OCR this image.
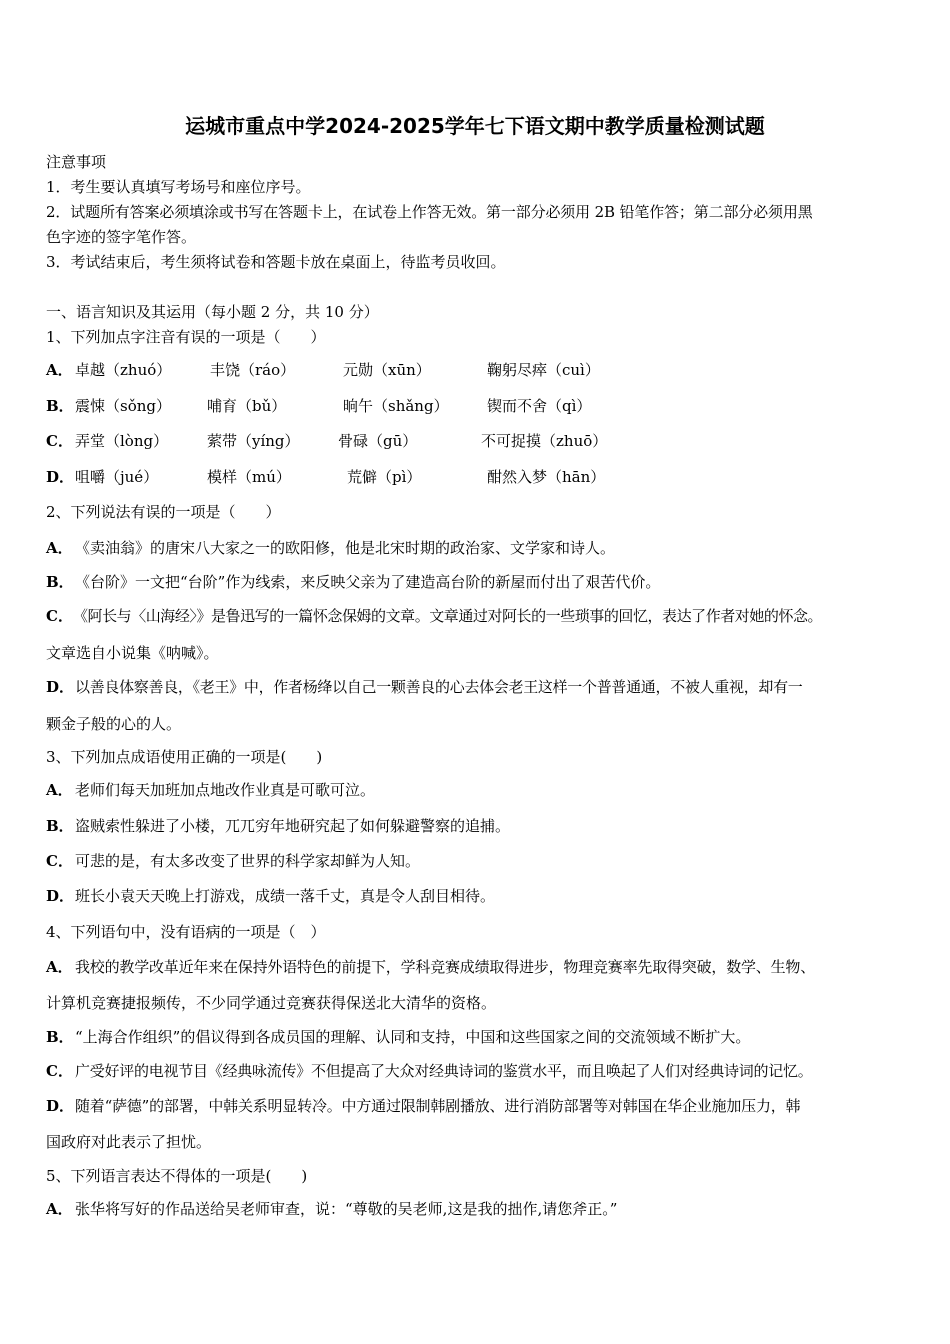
运城市重点中学2024-2025学年七下语文期中教学质量检测试题
注意事项
1．考生要认真填写考场号和座位序号。
2．试题所有答案必须填涂或书写在答题卡上，在试卷上作答无效。第一部分必须用 2B 铅笔作答；第二部分必须用黑
色字迹的签字笔作答。
3．考试结束后，考生须将试卷和答题卡放在桌面上，待监考员收回。
一、语言知识及其运用（每小题 2 分，共 10 分）
1、下列加点字注音有误的一项是（　　）
A． 卓越（zhuó）	丰饶（ráo）	元勋（xūn）	鞠躬尽瘁（cuì）
B． 震悚（sǒng） 哺育（bǔ）	晌午（shǎng）	锲而不舍（qì）
C． 弄堂（lòng）	萦带（yíng）	骨碌（gū）	不可捉摸（zhuō）
D． 咀嚼（jué）	模样（mú）	荒僻（pì）	酣然入梦（hān）
2、下列说法有误的一项是（　　）
A． 《卖油翁》的唐宋八大家之一的欧阳修，他是北宋时期的政治家、文学家和诗人。
B． 《台阶》一文把“台阶”作为线索，来反映父亲为了建造高台阶的新屋而付出了艰苦代价。
C． 《阿长与〈山海经〉》是鲁迅写的一篇怀念保姆的文章。文章通过对阿长的一些琐事的回忆，表达了作者对她的怀念。
文章选自小说集《呐喊》。
D． 以善良体察善良，《老王》中，作者杨绛以自己一颗善良的心去体会老王这样一个普普通通，不被人重视，却有一
颗金子般的心的人。
3、下列加点成语使用正确的一项是(　　)
A． 老师们每天加班加点地改作业真是可歌可泣。
B． 盗贼索性躲进了小楼，兀兀穷年地研究起了如何躲避警察的追捕。
C． 可悲的是，有太多改变了世界的科学家却鲜为人知。
D． 班长小袁天天晚上打游戏，成绩一落千丈，真是令人刮目相待。
4、下列语句中，没有语病的一项是（　）
A． 我校的教学改革近年来在保持外语特色的前提下，学科竞赛成绩取得进步，物理竞赛率先取得突破，数学、生物、
计算机竞赛捷报频传，不少同学通过竞赛获得保送北大清华的资格。
B． “上海合作组织”的倡议得到各成员国的理解、认同和支持，中国和这些国家之间的交流领域不断扩大。
C． 广受好评的电视节目《经典咏流传》不但提高了大众对经典诗词的鉴赏水平，而且唤起了人们对经典诗词的记忆。
D． 随着“萨德”的部署，中韩关系明显转冷。中方通过限制韩剧播放、进行消防部署等对韩国在华企业施加压力，韩
国政府对此表示了担忧。
5、下列语言表达不得体的一项是(　　)
A． 张华将写好的作品送给吴老师审查，说：“尊敬的吴老师,这是我的拙作,请您斧正。”
